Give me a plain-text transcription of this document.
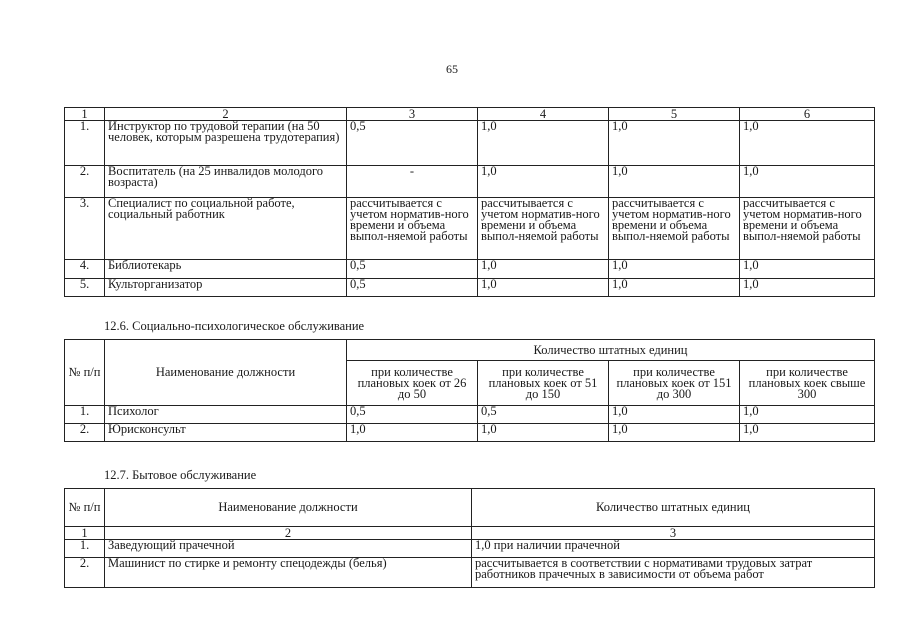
65
1	2	3	4	5	6
1.	Инструктор по трудовой терапии (на 50 человек, которым разрешена трудотерапия)	0,5	1,0	1,0	1,0
2.	Воспитатель (на 25 инвалидов молодого возраста)	-	1,0	1,0	1,0
3.	Специалист по социальной работе, социальный работник	рассчитывается с учетом норматив-ного времени и объема выпол-няемой работы	рассчитывается с учетом норматив-ного времени и объема выпол-няемой работы	рассчитывается с учетом норматив-ного времени и объема выпол-няемой работы	рассчитывается с учетом норматив-ного времени и объема выпол-няемой работы
4.	Библиотекарь	0,5	1,0	1,0	1,0
5.	Культорганизатор	0,5	1,0	1,0	1,0
12.6. Социально-психологическое обслуживание
№ п/п	Наименование должности	Количество штатных единиц			
		при количестве плановых коек от 26 до 50	при количестве плановых коек от 51 до 150	при количестве плановых коек от 151 до 300	при количестве плановых коек свыше 300
1.	Психолог	0,5	0,5	1,0	1,0
2.	Юрисконсульт	1,0	1,0	1,0	1,0
12.7. Бытовое обслуживание
№ п/п	Наименование должности	Количество штатных единиц
1	2	3
1.	Заведующий прачечной	1,0 при наличии прачечной
2.	Машинист по стирке и ремонту спецодежды (белья)	рассчитывается в соответствии с нормативами трудовых затрат работников прачечных в зависимости от объема работ
